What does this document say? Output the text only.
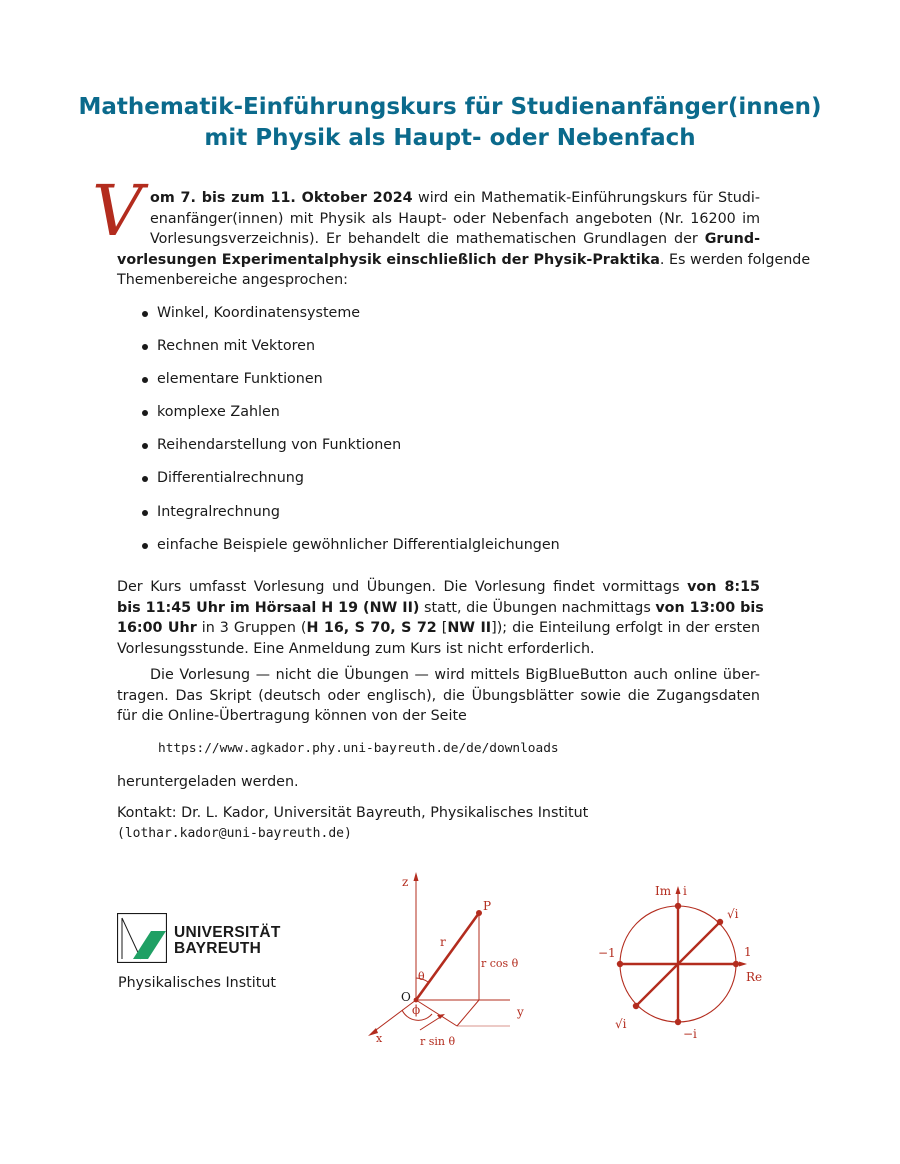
Mathematik-Einführungskurs für Studienanfänger(innen)
mit Physik als Haupt- oder Nebenfach
V om 7. bis zum 11. Oktober 2024 wird ein Mathematik-Einführungskurs für Studi-
enanfänger(innen) mit Physik als Haupt- oder Nebenfach angeboten (Nr. 16200 im
Vorlesungsverzeichnis). Er behandelt die mathematischen Grundlagen der Grund-
vorlesungen Experimentalphysik einschließlich der Physik-Praktika. Es werden folgende
Themenbereiche angesprochen:
Winkel, Koordinatensysteme
Rechnen mit Vektoren
elementare Funktionen
komplexe Zahlen
Reihendarstellung von Funktionen
Differentialrechnung
Integralrechnung
einfache Beispiele gewöhnlicher Differentialgleichungen
Der Kurs umfasst Vorlesung und Übungen. Die Vorlesung findet vormittags von 8:15
bis 11:45 Uhr im Hörsaal H 19 (NW II) statt, die Übungen nachmittags von 13:00 bis
16:00 Uhr in 3 Gruppen (H 16, S 70, S 72 [NW II]); die Einteilung erfolgt in der ersten
Vorlesungsstunde. Eine Anmeldung zum Kurs ist nicht erforderlich.
Die Vorlesung — nicht die Übungen — wird mittels BigBlueButton auch online über-
tragen. Das Skript (deutsch oder englisch), die Übungsblätter sowie die Zugangsdaten
für die Online-Übertragung können von der Seite
https://www.agkador.phy.uni-bayreuth.de/de/downloads
heruntergeladen werden.
Kontakt: Dr. L. Kador, Universität Bayreuth, Physikalisches Institut
(lothar.kador@uni-bayreuth.de)
UNIVERSITÄT
BAYREUTH
Physikalisches Institut
z
P
r
θ
r cos θ
O
ϕ	y
x	r sin θ
Im i
√i
−1	1
Re
√i
−i
